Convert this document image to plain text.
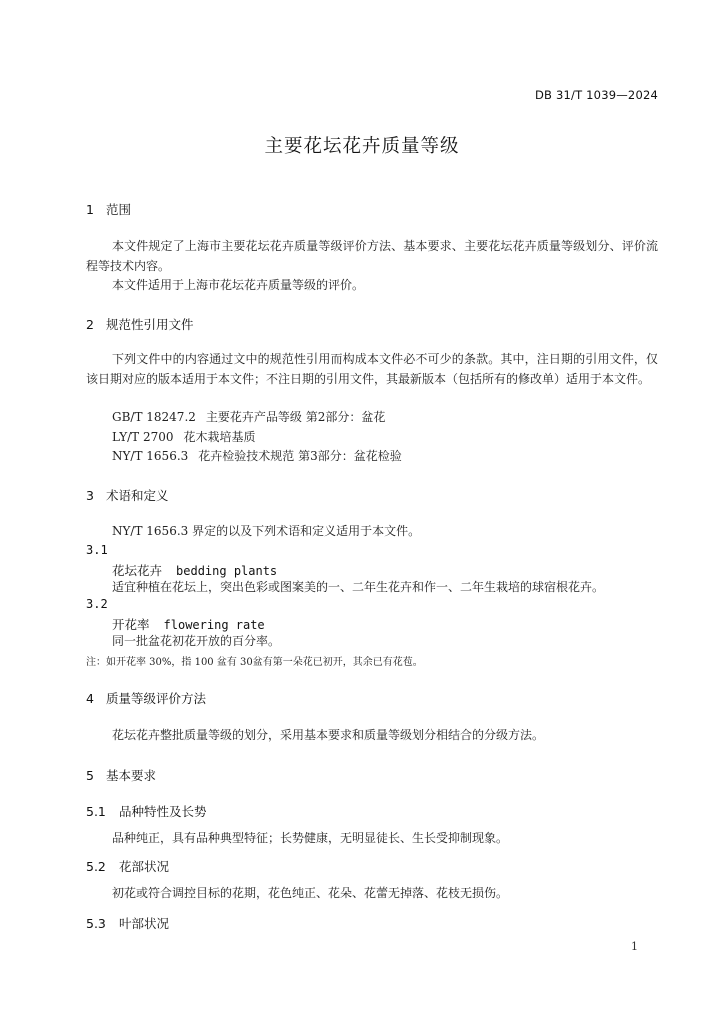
DB 31/T 1039—2024
主要花坛花卉质量等级
1 范围
本文件规定了上海市主要花坛花卉质量等级评价方法、基本要求、主要花坛花卉质量等级划分、评价流程等技术内容。
本文件适用于上海市花坛花卉质量等级的评价。
2 规范性引用文件
下列文件中的内容通过文中的规范性引用而构成本文件必不可少的条款。其中，注日期的引用文件，仅该日期对应的版本适用于本文件；不注日期的引用文件，其最新版本（包括所有的修改单）适用于本文件。
GB/T 18247.2 主要花卉产品等级 第2部分：盆花
LY/T 2700 花木栽培基质
NY/T 1656.3 花卉检验技术规范 第3部分：盆花检验
3 术语和定义
NY/T 1656.3 界定的以及下列术语和定义适用于本文件。
3.1
花坛花卉 bedding plants
适宜种植在花坛上，突出色彩或图案美的一、二年生花卉和作一、二年生栽培的球宿根花卉。
3.2
开花率 flowering rate
同一批盆花初花开放的百分率。
注：如开花率 30%，指 100 盆有 30盆有第一朵花已初开，其余已有花苞。
4 质量等级评价方法
花坛花卉整批质量等级的划分，采用基本要求和质量等级划分相结合的分级方法。
5 基本要求
5.1 品种特性及长势
品种纯正，具有品种典型特征；长势健康，无明显徒长、生长受抑制现象。
5.2 花部状况
初花或符合调控目标的花期，花色纯正、花朵、花蕾无掉落、花枝无损伤。
5.3 叶部状况
1
